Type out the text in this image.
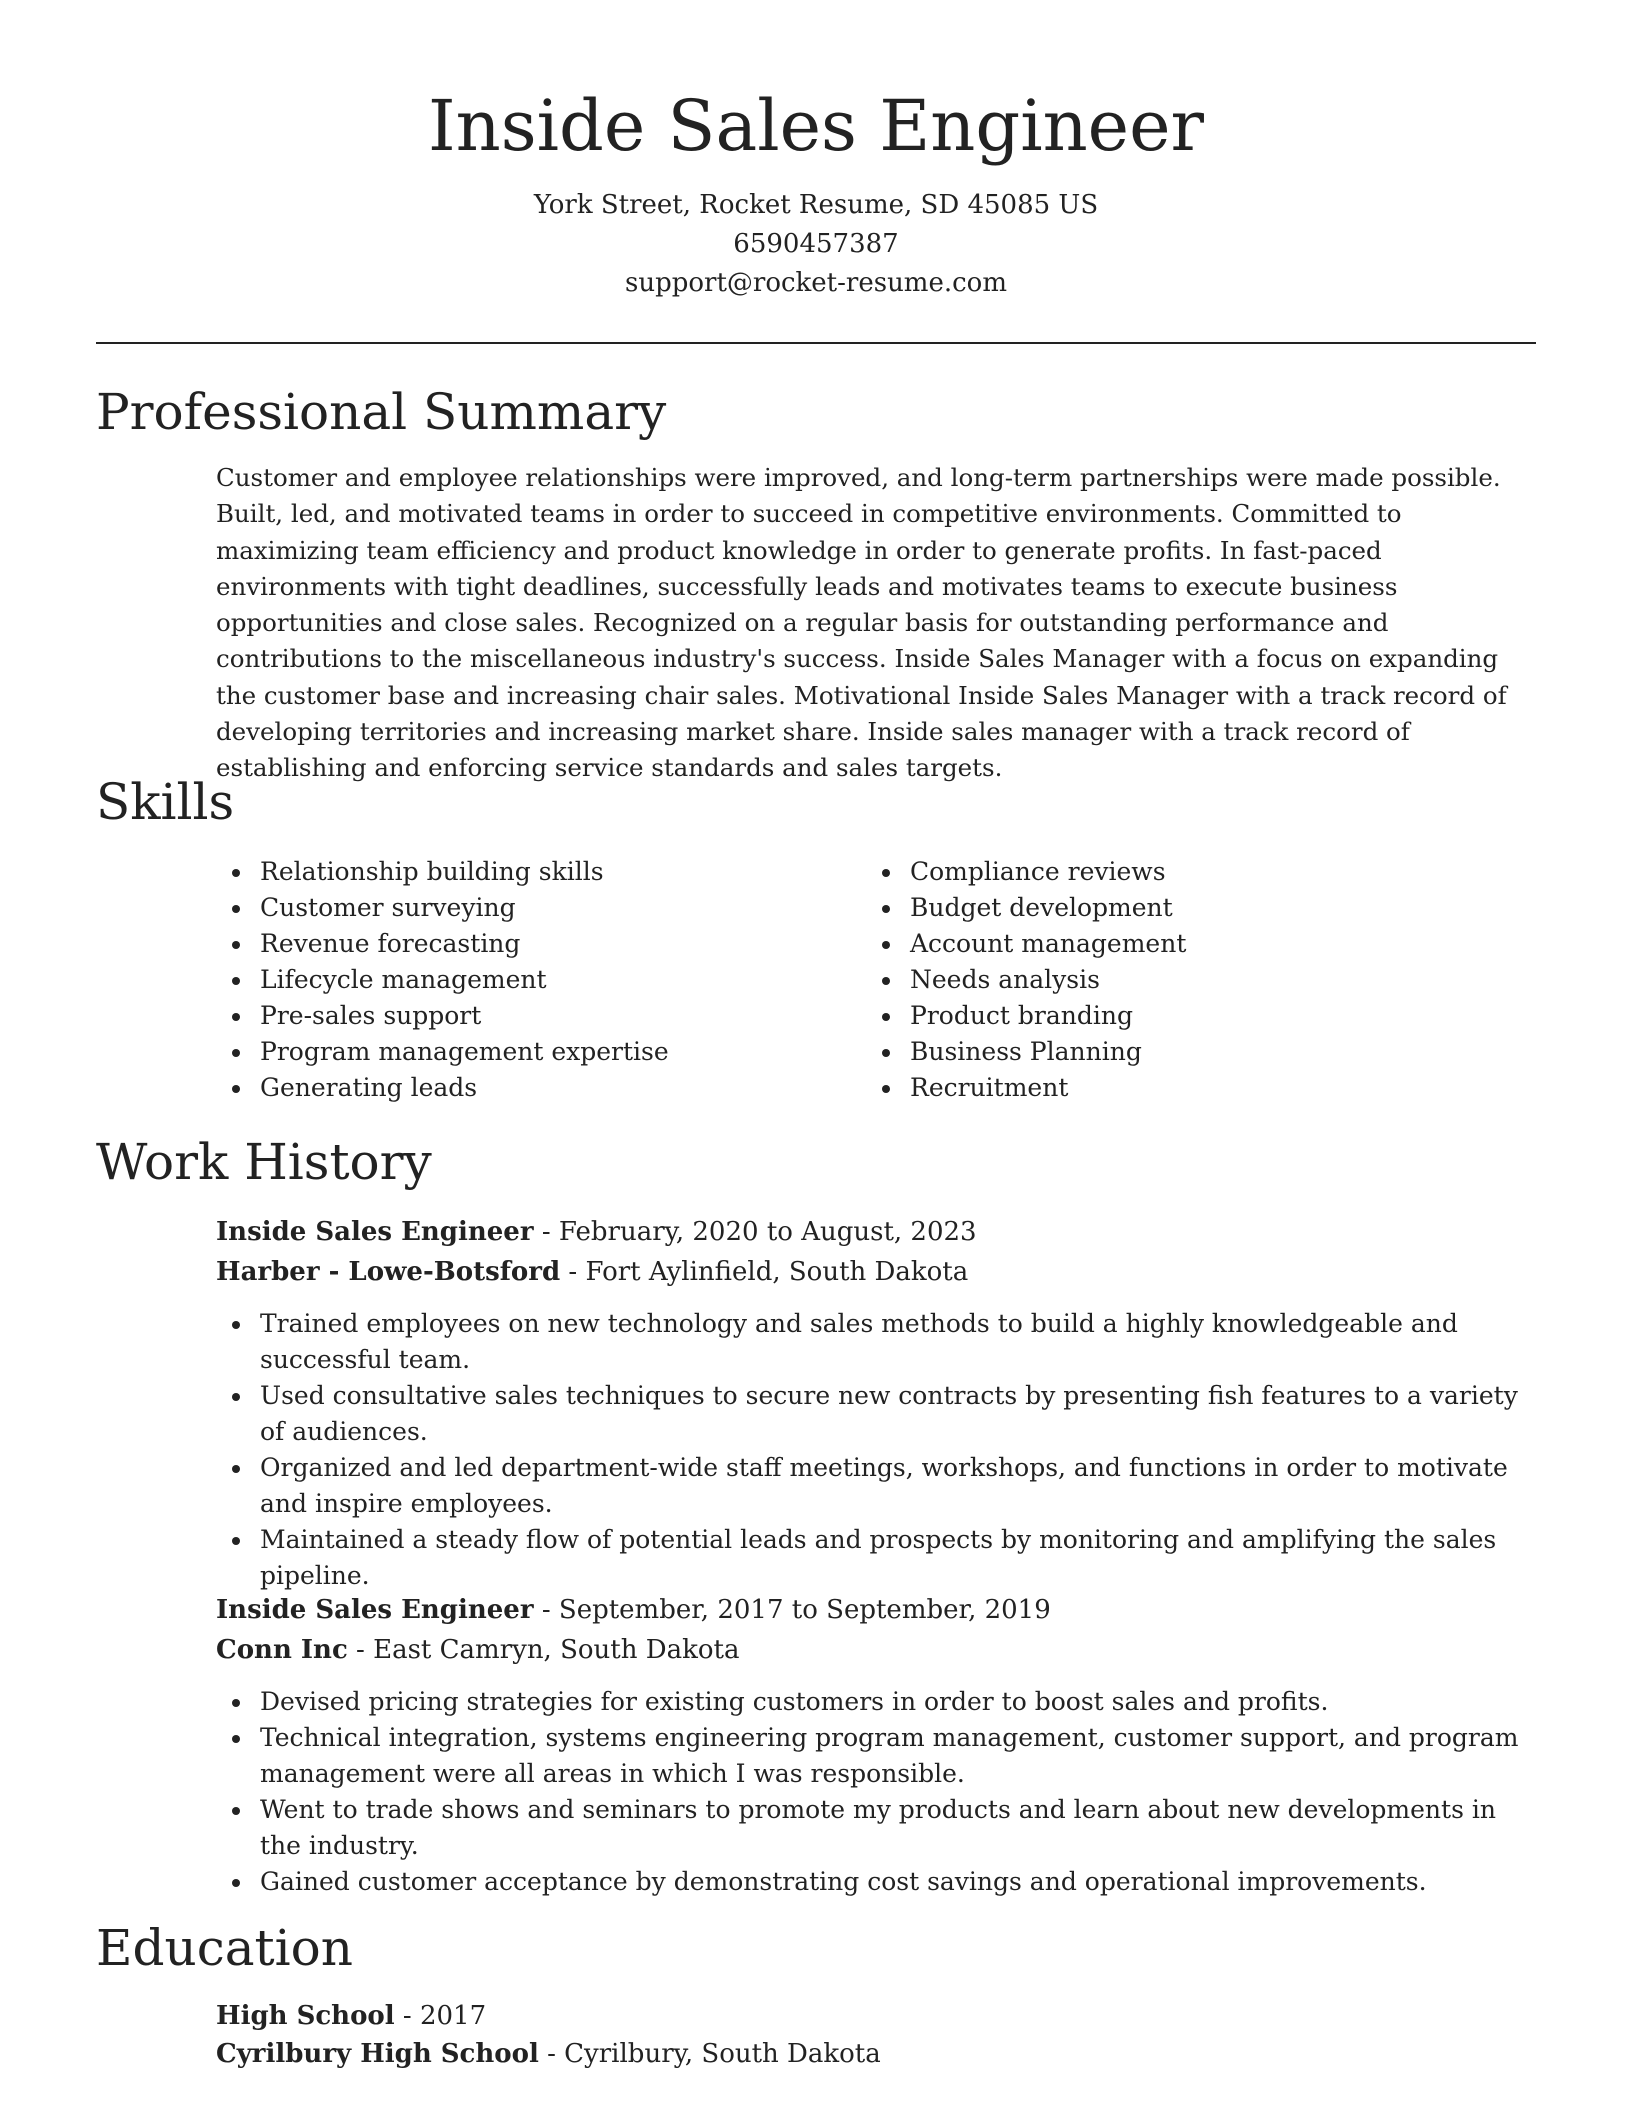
Inside Sales Engineer
York Street, Rocket Resume, SD 45085 US
6590457387
support@rocket-resume.com
Professional Summary

Customer and employee relationships were improved, and long-term partnerships were made possible. Built, led, and motivated teams in order to succeed in competitive environments. Committed to maximizing team efficiency and product knowledge in order to generate profits. In fast-paced environments with tight deadlines, successfully leads and motivates teams to execute business opportunities and close sales. Recognized on a regular basis for outstanding performance and contributions to the miscellaneous industry's success. Inside Sales Manager with a focus on expanding the customer base and increasing chair sales. Motivational Inside Sales Manager with a track record of developing territories and increasing market share. Inside sales manager with a track record of establishing and enforcing service standards and sales targets.

Skills
Relationship building skills
Customer surveying
Revenue forecasting
Lifecycle management
Pre-sales support
Program management expertise
Generating leads
Compliance reviews
Budget development
Account management
Needs analysis
Product branding
Business Planning
Recruitment
Work History
Inside Sales Engineer - February, 2020 to August, 2023
Harber - Lowe-Botsford - Fort Aylinfield, South Dakota
Trained employees on new technology and sales methods to build a highly knowledgeable and successful team.
Used consultative sales techniques to secure new contracts by presenting fish features to a variety of audiences.
Organized and led department-wide staff meetings, workshops, and functions in order to motivate and inspire employees.
Maintained a steady flow of potential leads and prospects by monitoring and amplifying the sales pipeline.
Inside Sales Engineer - September, 2017 to September, 2019
Conn Inc - East Camryn, South Dakota
Devised pricing strategies for existing customers in order to boost sales and profits.
Technical integration, systems engineering program management, customer support, and program management were all areas in which I was responsible.
Went to trade shows and seminars to promote my products and learn about new developments in the industry.
Gained customer acceptance by demonstrating cost savings and operational improvements.
Education
High School - 2017
Cyrilbury High School - Cyrilbury, South Dakota
